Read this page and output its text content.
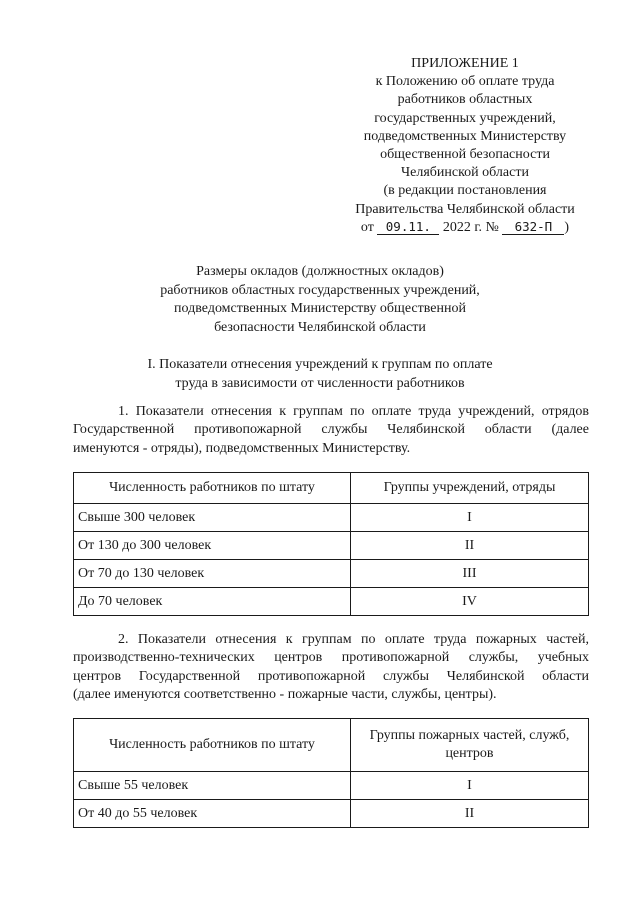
ПРИЛОЖЕНИЕ 1
к Положению об оплате труда
работников областных
государственных учреждений,
подведомственных Министерству
общественной безопасности
Челябинской области
(в редакции постановления
Правительства Челябинской области
от 09.11. 2022 г. № 632-П )
Размеры окладов (должностных окладов)
работников областных государственных учреждений,
подведомственных Министерству общественной
безопасности Челябинской области
I. Показатели отнесения учреждений к группам по оплате
труда в зависимости от численности работников

1. Показатели отнесения к группам по оплате труда учреждений, отрядов
Государственной противопожарной службы Челябинской области (далее
именуются - отряды), подведомственных Министерству.

Численность работников по штату	Группы учреждений, отряды
Свыше 300 человек	I
От 130 до 300 человек	II
От 70 до 130 человек	III
До 70 человек	IV

2. Показатели отнесения к группам по оплате труда пожарных частей,
производственно-технических центров противопожарной службы, учебных
центров Государственной противопожарной службы Челябинской области
(далее именуются соответственно - пожарные части, службы, центры).

Численность работников по штату	Группы пожарных частей, служб,
центров

Свыше 55 человек	I
От 40 до 55 человек	II
